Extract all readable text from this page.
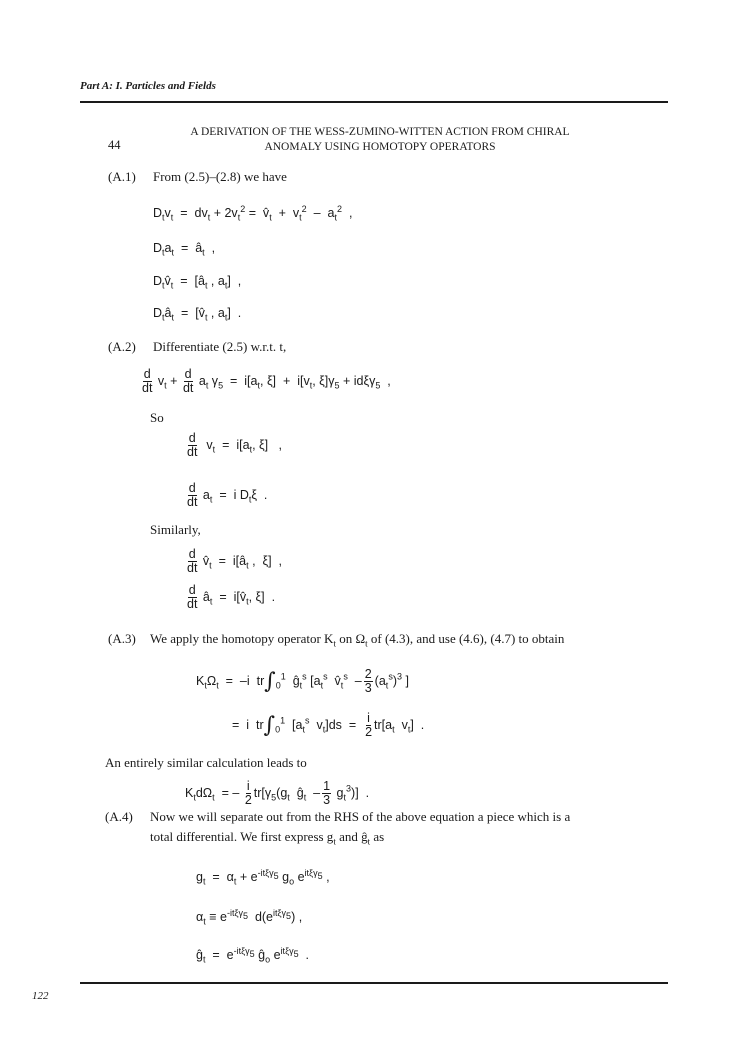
Part A: I. Particles and Fields
44
A DERIVATION OF THE WESS-ZUMINO-WITTEN ACTION FROM CHIRAL
ANOMALY USING HOMOTOPY OPERATORS
(A.1) From (2.5)–(2.8) we have
$D_tv_t = dv_t + 2v_t^2$ =  $v̂_t + v_t^2 - a_t^2$  ,
$D_ta_t$  =  $â_t$  ,
$D_tv̂_t$  =  [$â_t$ , $a_t$]  ,
$D_tâ_t$  =  [$v̂_t$ , $a_t$]  .
(A.2) Differentiate (2.5) w.r.t. t,
$\frac{d}{dt} v_t + \frac{d}{dt} a_t$ $\gamma_5 = i[a_t$, $\xi] + i[v_t$, $\xi]\gamma_5 + id\xi\gamma_5$  ,
So
$\frac{d}{dt} v_t = i[a_t$, ξ]   ,
$\frac{d}{dt} a_t = i$ $D_t\xi$  .
Similarly,
$\frac{d}{dt}$ $v̂_t$  =  $i[â_t$ ,  ξ]  ,
$\frac{d}{dt}$ $â_t$  =  $i[v̂_t$, ξ]  .
(A.3) We apply the homotopy operator $K_t$ on $\Omega_t$ of (4.3), and use (4.6), (4.7) to obtain
$K_t\Omega_t = -i$  $tr\int_0^1$  $ĝ_t^s$ [$a_t^s$  $v̂_t^s - \frac{2}{3} (a_t^s)^3$ ]
=  i  $tr\int_0^1$  [$a_t^s$  $v_t]ds = \frac{i}{2} tr[a_t$  $v_t$]  .
An entirely similar calculation leads to
$K_td\Omega_t$  = – $\frac{i}{2} tr[\gamma_5(g_t$  $ĝ_t - \frac{1}{3} g_t^3$)]  .
(A.4) Now we will separate out from the RHS of the above equation a piece which is a
total differential. We first express $g_t$ and $ĝ_t$ as
$g_t = \alpha_t + e^{-it\xi\gamma_5}$ $g_o$ $e^{it\xi\gamma_5}$ ,
$\alpha_t \equiv e^{-it\xi\gamma_5}$  $d(e^{it\xi\gamma_5})$ ,
$ĝ_t = e^{-it\xi\gamma_5}$ $ĝ_o$ $e^{it\xi\gamma_5}$  .
122
